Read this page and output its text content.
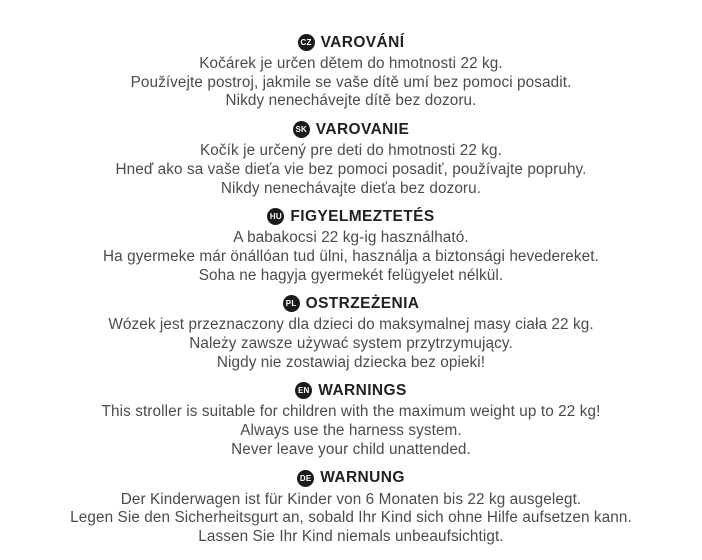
CZ VAROVÁNÍ

Kočárek je určen dětem do hmotnosti 22 kg.

Používejte postroj, jakmile se vaše dítě umí bez pomoci posadit.

Nikdy nenechávejte dítě bez dozoru.

SK VAROVANIE

Kočík je určený pre deti do hmotnosti 22 kg.

Hneď ako sa vaše dieťa vie bez pomoci posadiť, používajte popruhy.

Nikdy nenechávajte dieťa bez dozoru.

HU FIGYELMEZTETÉS

A babakocsi 22 kg-ig használható.

Ha gyermeke már önállóan tud ülni, használja a biztonsági hevedereket.

Soha ne hagyja gyermekét felügyelet nélkül.

PL OSTRZEŻENIA

Wózek jest przeznaczony dla dzieci do maksymalnej masy ciała 22 kg.

Należy zawsze używać system przytrzymujący.

Nigdy nie zostawiaj dziecka bez opieki!

EN WARNINGS

This stroller is suitable for children with the maximum weight up to 22 kg!

Always use the harness system.

Never leave your child unattended.

DE WARNUNG

Der Kinderwagen ist für Kinder von 6 Monaten bis 22 kg ausgelegt.

Legen Sie den Sicherheitsgurt an, sobald Ihr Kind sich ohne Hilfe aufsetzen kann.

Lassen Sie Ihr Kind niemals unbeaufsichtigt.
